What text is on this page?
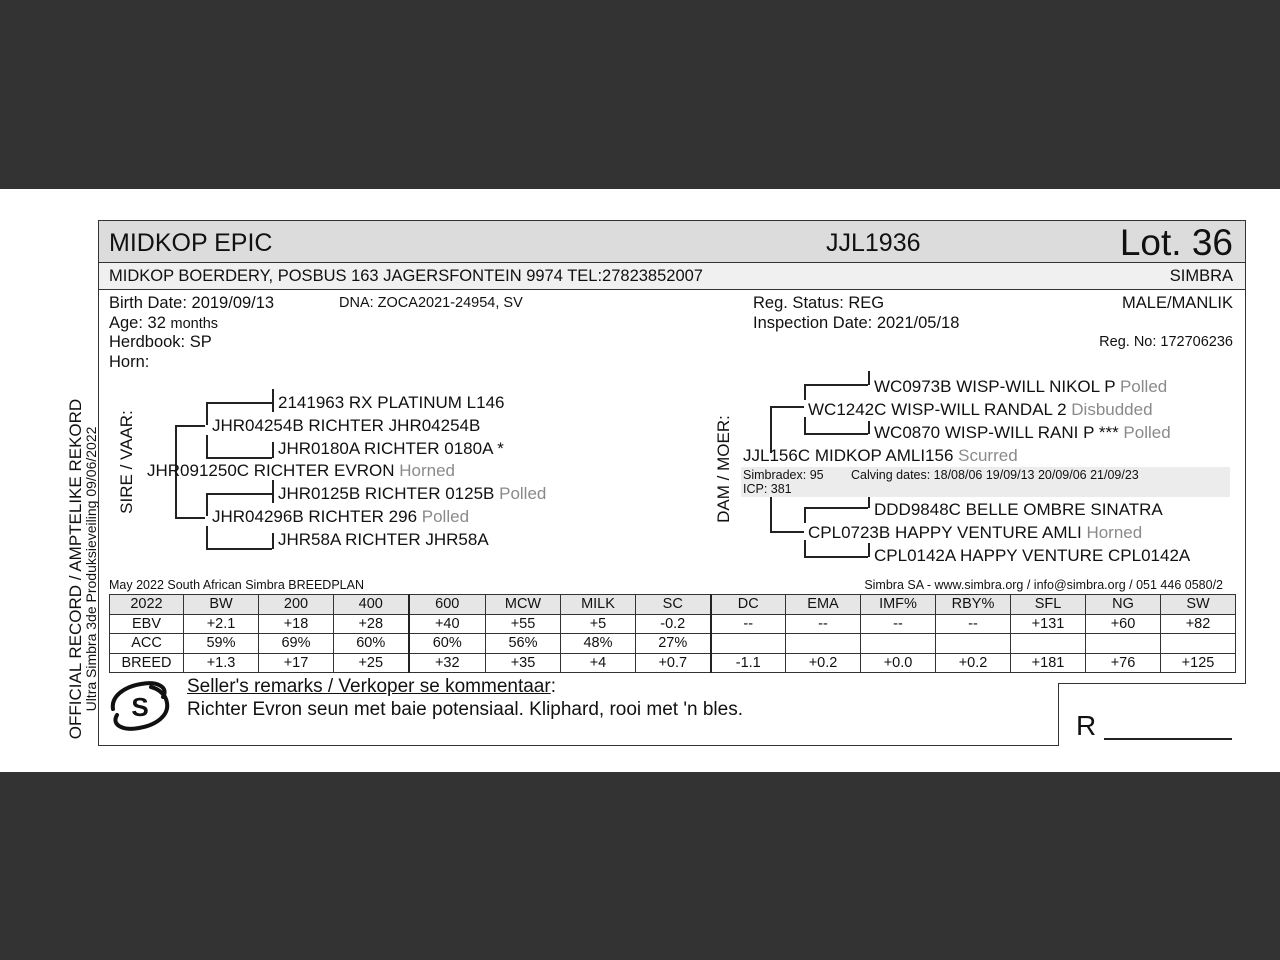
OFFICIAL RECORD / AMPTELIKE REKORD
Ultra Simbra 3de Produksieveiling 09/06/2022
MIDKOP EPIC	JJL1936	Lot. 36
MIDKOP BOERDERY, POSBUS 163 JAGERSFONTEIN 9974 TEL:27823852007	SIMBRA
Birth Date: 2019/09/13	DNA: ZOCA2021-24954, SV
Age: 32 months
Herdbook: SP
Horn:
Reg. Status: REG
Inspection Date: 2021/05/18
MALE/MANLIK
Reg. No: 172706236
SIRE / VAAR:
2141963 RX PLATINUM L146
JHR04254B RICHTER JHR04254B
JHR0180A RICHTER 0180A *
JHR091250C RICHTER EVRON Horned
JHR0125B RICHTER 0125B Polled
JHR04296B RICHTER 296 Polled
JHR58A RICHTER JHR58A
DAM / MOER:
WC0973B WISP-WILL NIKOL P Polled
WC1242C WISP-WILL RANDAL 2 Disbudded
WC0870 WISP-WILL RANI P *** Polled
JJL156C MIDKOP AMLI156 Scurred
Simbradex: 95 Calving dates: 18/08/06 19/09/13 20/09/06 21/09/23
ICP: 381
DDD9848C BELLE OMBRE SINATRA
CPL0723B HAPPY VENTURE AMLI Horned
CPL0142A HAPPY VENTURE CPL0142A
May 2022 South African Simbra BREEDPLAN	Simbra SA - www.simbra.org / info@simbra.org / 051 446 0580/2
2022	BW	200	400	600	MCW	MILK	SC	DC	EMA	IMF%	RBY%	SFL	NG	SW
EBV	+2.1	+18	+28	+40	+55	+5	-0.2	--	--	--	--	+131	+60	+82
ACC	59%	69%	60%	60%	56%	48%	27%							
BREED	+1.3	+17	+25	+32	+35	+4	+0.7	-1.1	+0.2	+0.0	+0.2	+181	+76	+125
S
Seller's remarks / Verkoper se kommentaar:
Richter Evron seun met baie potensiaal. Kliphard, rooi met 'n bles.
R
